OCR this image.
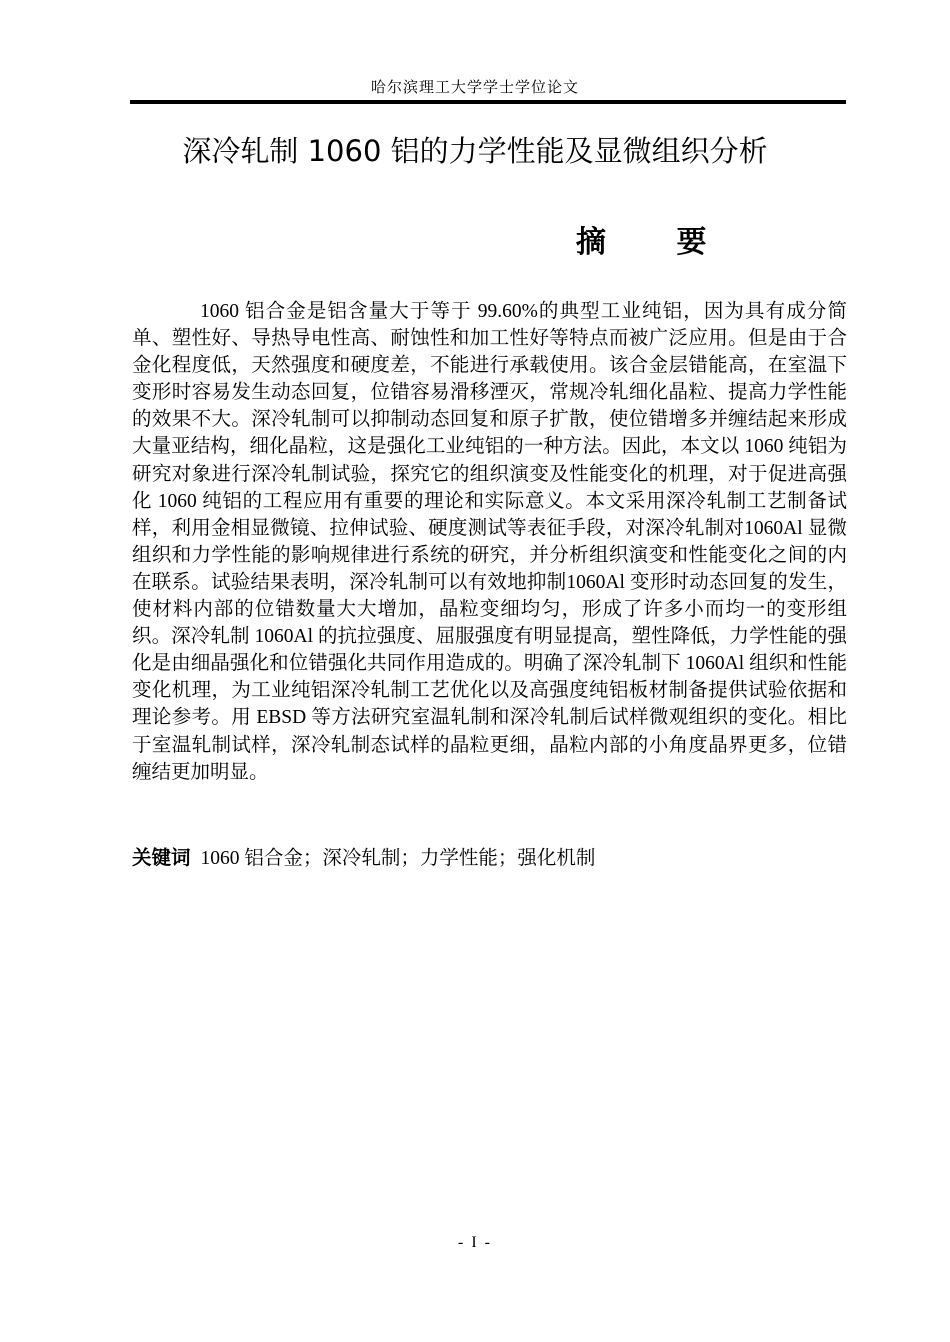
哈尔滨理工大学学士学位论文
深冷轧制 1060 铝的力学性能及显微组织分析
摘 要

1060 铝合金是铝含量大于等于 99.60%的典型工业纯铝，因为具有成分简单、塑性好、导热导电性高、耐蚀性和加工性好等特点而被广泛应用。但是由于合金化程度低，天然强度和硬度差，不能进行承载使用。该合金层错能高，在室温下变形时容易发生动态回复，位错容易滑移湮灭，常规冷轧细化晶粒、提高力学性能的效果不大。深冷轧制可以抑制动态回复和原子扩散，使位错增多并缠结起来形成大量亚结构，细化晶粒，这是强化工业纯铝的一种方法。因此，本文以 1060 纯铝为研究对象进行深冷轧制试验，探究它的组织演变及性能变化的机理，对于促进高强化 1060 纯铝的工程应用有重要的理论和实际意义。本文采用深冷轧制工艺制备试样，利用金相显微镜、拉伸试验、硬度测试等表征手段，对深冷轧制对1060Al 显微组织和力学性能的影响规律进行系统的研究，并分析组织演变和性能变化之间的内在联系。试验结果表明，深冷轧制可以有效地抑制1060Al 变形时动态回复的发生，使材料内部的位错数量大大增加，晶粒变细均匀，形成了许多小而均一的变形组织。深冷轧制 1060Al 的抗拉强度、屈服强度有明显提高，塑性降低，力学性能的强化是由细晶强化和位错强化共同作用造成的。明确了深冷轧制下 1060Al 组织和性能变化机理，为工业纯铝深冷轧制工艺优化以及高强度纯铝板材制备提供试验依据和理论参考。用 EBSD 等方法研究室温轧制和深冷轧制后试样微观组织的变化。相比于室温轧制试样，深冷轧制态试样的晶粒更细，晶粒内部的小角度晶界更多，位错缠结更加明显。

关键词 1060 铝合金；深冷轧制；力学性能；强化机制

- I -
